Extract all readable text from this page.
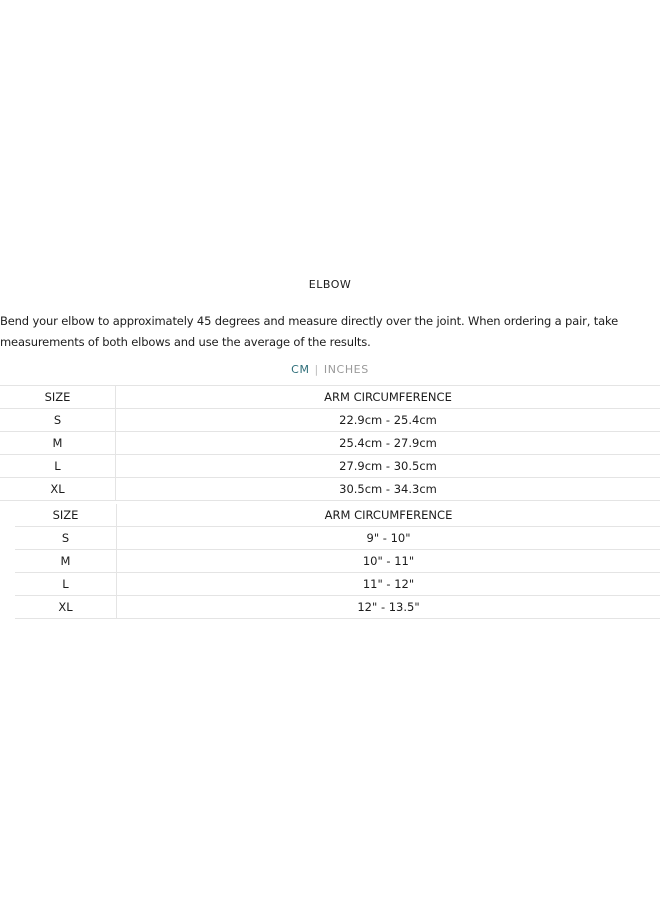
ELBOW

Bend your elbow to approximately 45 degrees and measure directly over the joint. When ordering a pair, take measurements of both elbows and use the average of the results.

CM | INCHES
SIZE	ARM CIRCUMFERENCE
S	22.9cm - 25.4cm
M	25.4cm - 27.9cm
L	27.9cm - 30.5cm
XL	30.5cm - 34.3cm
SIZE	ARM CIRCUMFERENCE
S	9" - 10"
M	10" - 11"
L	11" - 12"
XL	12" - 13.5"
